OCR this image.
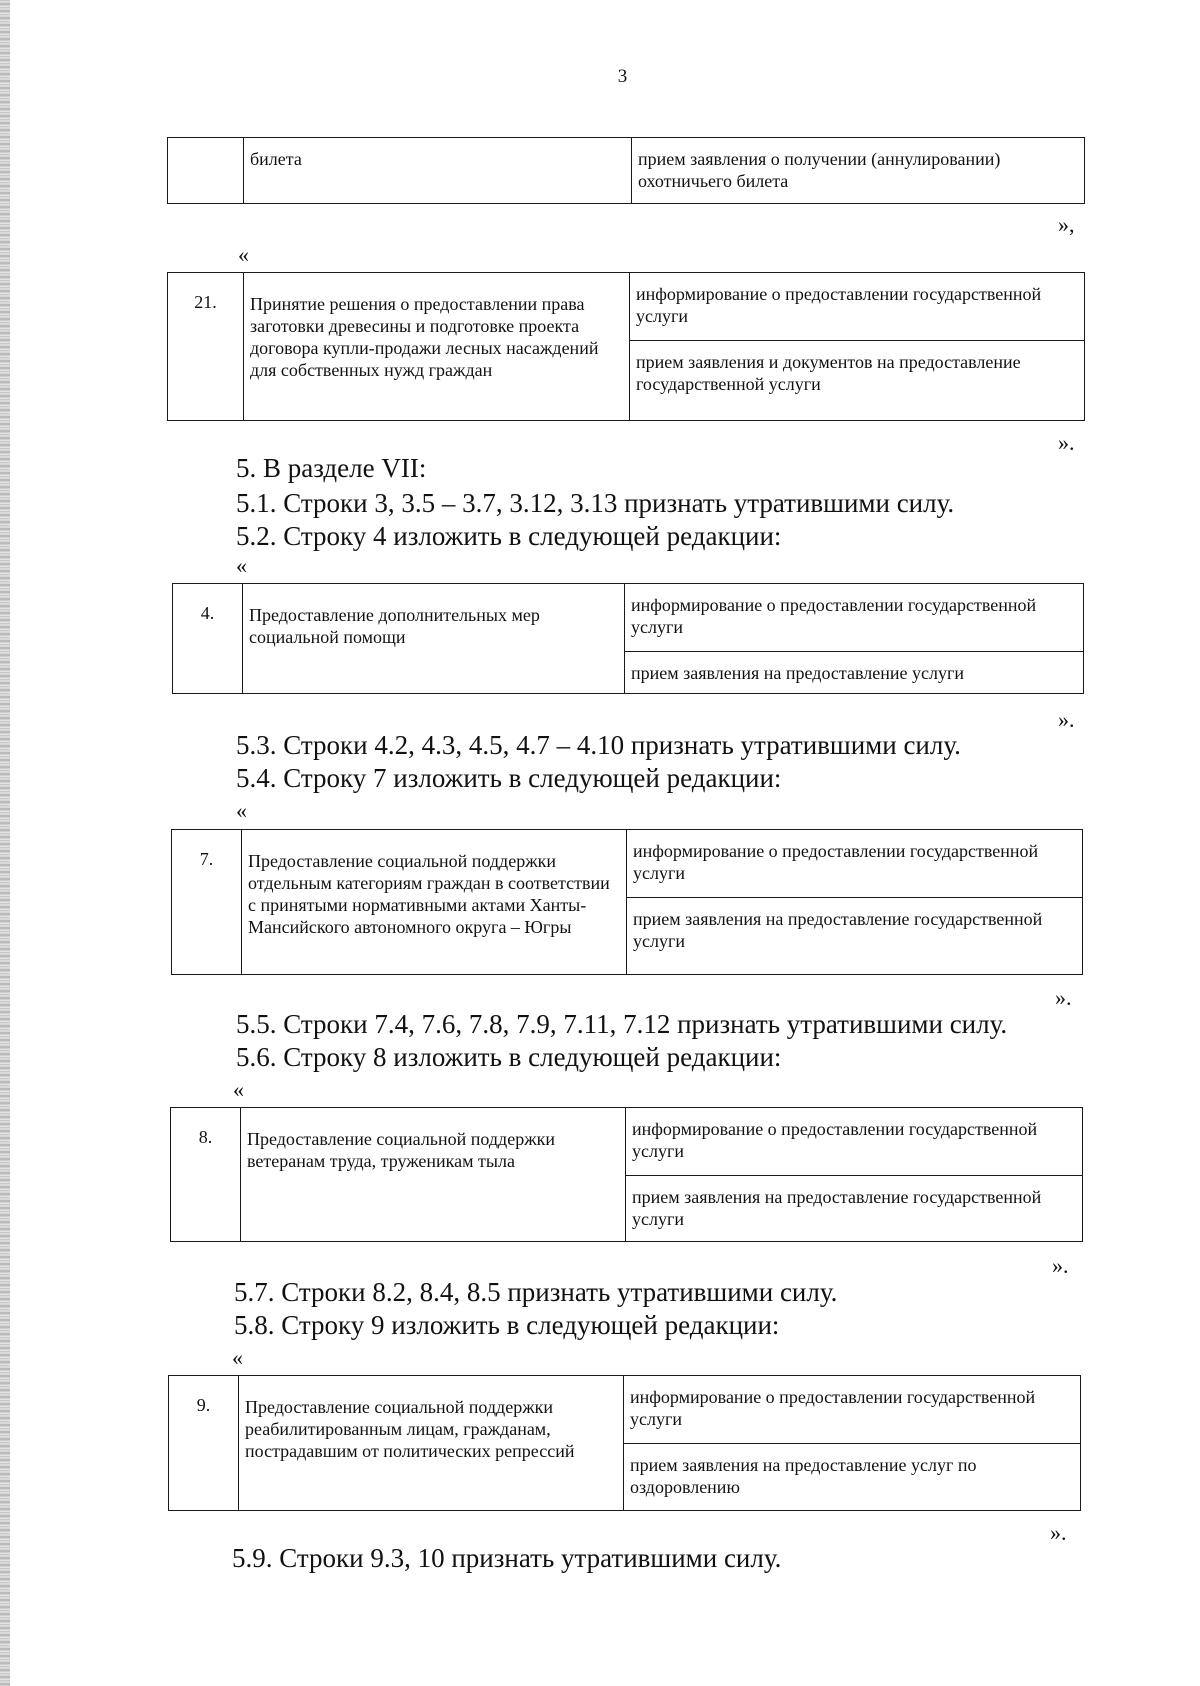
3
	билета	прием заявления о получении (аннулировании) охотничьего билета
»,
«
21.	Принятие решения о предоставлении права заготовки древесины и подготовке проекта договора купли-продажи лесных насаждений для собственных нужд граждан	информирование о предоставлении государственной услуги
прием заявления и документов на предоставление государственной услуги
».
5. В разделе VII:
5.1. Строки 3, 3.5 – 3.7, 3.12, 3.13 признать утратившими силу.
5.2. Строку 4 изложить в следующей редакции:
«
4.	Предоставление дополнительных мер социальной помощи	информирование о предоставлении государственной услуги
прием заявления на предоставление услуги
».
5.3. Строки 4.2, 4.3, 4.5, 4.7 – 4.10 признать утратившими силу.
5.4. Строку 7 изложить в следующей редакции:
«
7.	Предоставление социальной поддержки отдельным категориям граждан в соответствии с принятыми нормативными актами Ханты-Мансийского автономного округа – Югры	информирование о предоставлении государственной услуги
прием заявления на предоставление государственной услуги
».
5.5. Строки 7.4, 7.6, 7.8, 7.9, 7.11, 7.12 признать утратившими силу.
5.6. Строку 8 изложить в следующей редакции:
«
8.	Предоставление социальной поддержки ветеранам труда, труженикам тыла	информирование о предоставлении государственной услуги
прием заявления на предоставление государственной услуги
».
5.7. Строки 8.2, 8.4, 8.5 признать утратившими силу.
5.8. Строку 9 изложить в следующей редакции:
«
9.	Предоставление социальной поддержки реабилитированным лицам, гражданам, пострадавшим от политических репрессий	информирование о предоставлении государственной услуги
прием заявления на предоставление услуг по оздоровлению
».
5.9. Строки 9.3, 10 признать утратившими силу.
